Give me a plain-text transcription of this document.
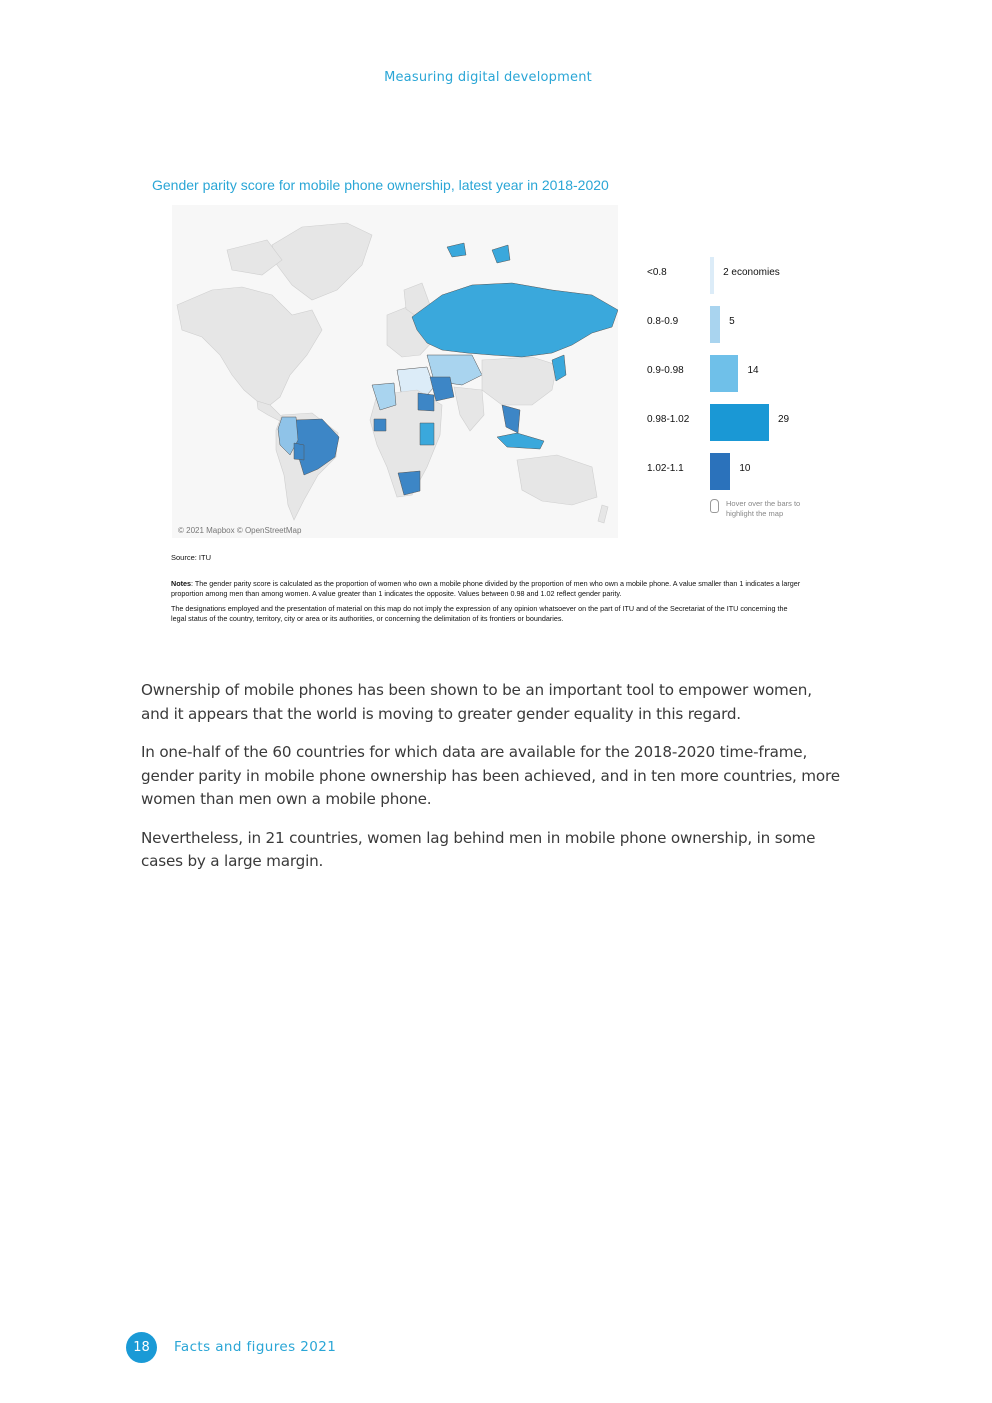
Measuring digital development
Gender parity score for mobile phone ownership, latest year in 2018-2020
© 2021 Mapbox © OpenStreetMap
<0.8	2 economies
0.8-0.9	5
0.9-0.98	14
0.98-1.02	29
1.02-1.1	10
Hover over the bars to highlight the map
Source: ITU

Notes: The gender parity score is calculated as the proportion of women who own a mobile phone divided by the proportion of men who own a mobile phone. A value smaller than 1 indicates a larger proportion among men than among women. A value greater than 1 indicates the opposite. Values between 0.98 and 1.02 reflect gender parity.

The designations employed and the presentation of material on this map do not imply the expression of any opinion whatsoever on the part of ITU and of the Secretariat of the ITU concerning the legal status of the country, territory, city or area or its authorities, or concerning the delimitation of its frontiers or boundaries.

Ownership of mobile phones has been shown to be an important tool to empower women, and it appears that the world is moving to greater gender equality in this regard.

In one-half of the 60 countries for which data are available for the 2018-2020 time-frame, gender parity in mobile phone ownership has been achieved, and in ten more countries, more women than men own a mobile phone.

Nevertheless, in 21 countries, women lag behind men in mobile phone ownership, in some cases by a large margin.

18	Facts and figures 2021
